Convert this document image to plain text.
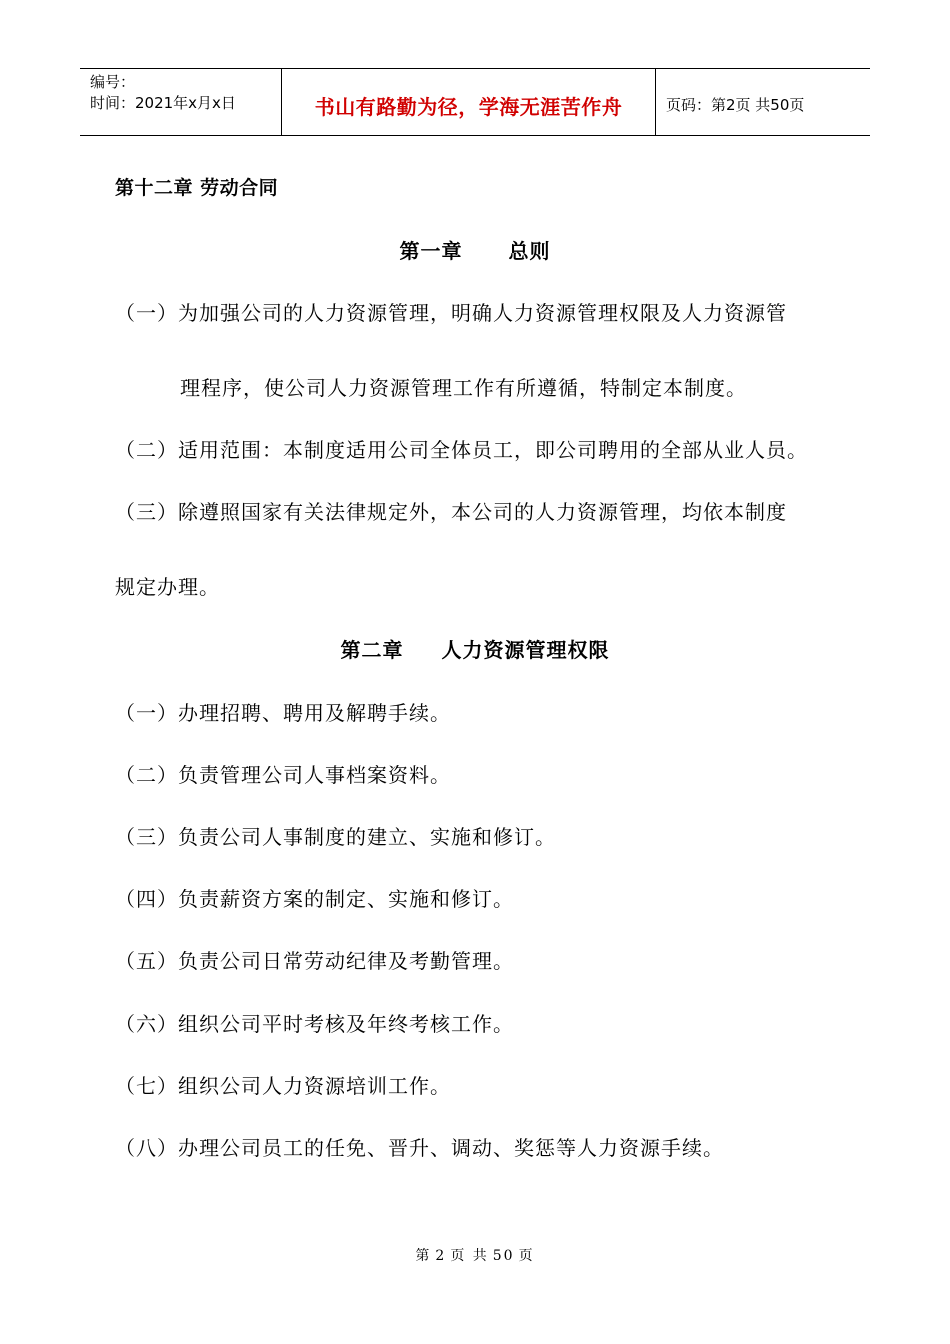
编号：
时间：2021年x月x日	书山有路勤为径，学海无涯苦作舟	页码：第2页 共50页
第十二章 劳动合同
第一章 总则
（一）为加强公司的人力资源管理，明确人力资源管理权限及人力资源管
理程序，使公司人力资源管理工作有所遵循，特制定本制度。
（二）适用范围：本制度适用公司全体员工，即公司聘用的全部从业人员。
（三）除遵照国家有关法律规定外，本公司的人力资源管理，均依本制度
规定办理。
第二章 人力资源管理权限
（一）办理招聘、聘用及解聘手续。
（二）负责管理公司人事档案资料。
（三）负责公司人事制度的建立、实施和修订。
（四）负责薪资方案的制定、实施和修订。
（五）负责公司日常劳动纪律及考勤管理。
（六）组织公司平时考核及年终考核工作。
（七）组织公司人力资源培训工作。
（八）办理公司员工的任免、晋升、调动、奖惩等人力资源手续。
第 2 页 共 50 页
